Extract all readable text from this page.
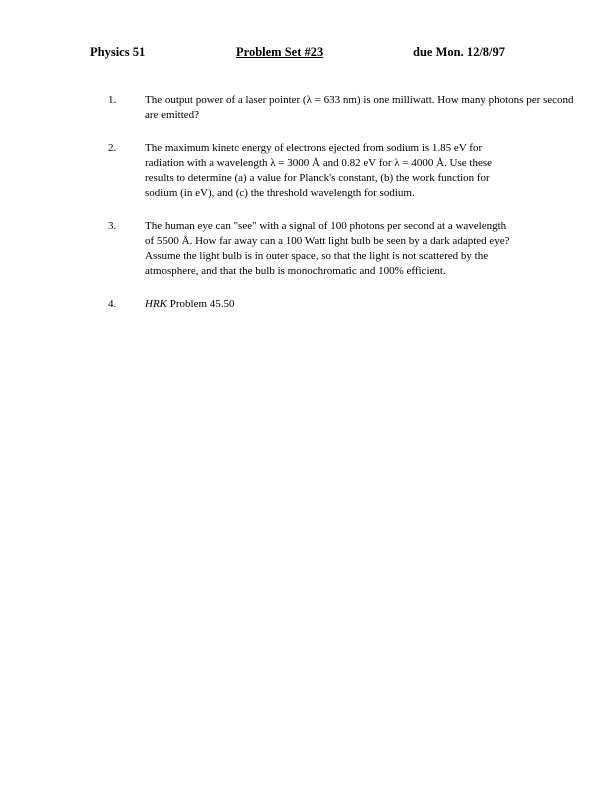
Physics 51	Problem Set #23	due Mon. 12/8/97
1.	The output power of a laser pointer (λ = 633 nm) is one milliwatt. How many photons per second are emitted?
2.	The maximum kinetc energy of electrons ejected from sodium is 1.85 eV for radiation with a wavelength λ = 3000 Å and 0.82 eV for λ = 4000 Å. Use these results to determine (a) a value for Planck's constant, (b) the work function for sodium (in eV), and (c) the threshold wavelength for sodium.
3.	The human eye can "see" with a signal of 100 photons per second at a wavelength of 5500 Å. How far away can a 100 Watt light bulb be seen by a dark adapted eye? Assume the light bulb is in outer space, so that the light is not scattered by the atmosphere, and that the bulb is monochromatic and 100% efficient.
4.	HRK Problem 45.50
